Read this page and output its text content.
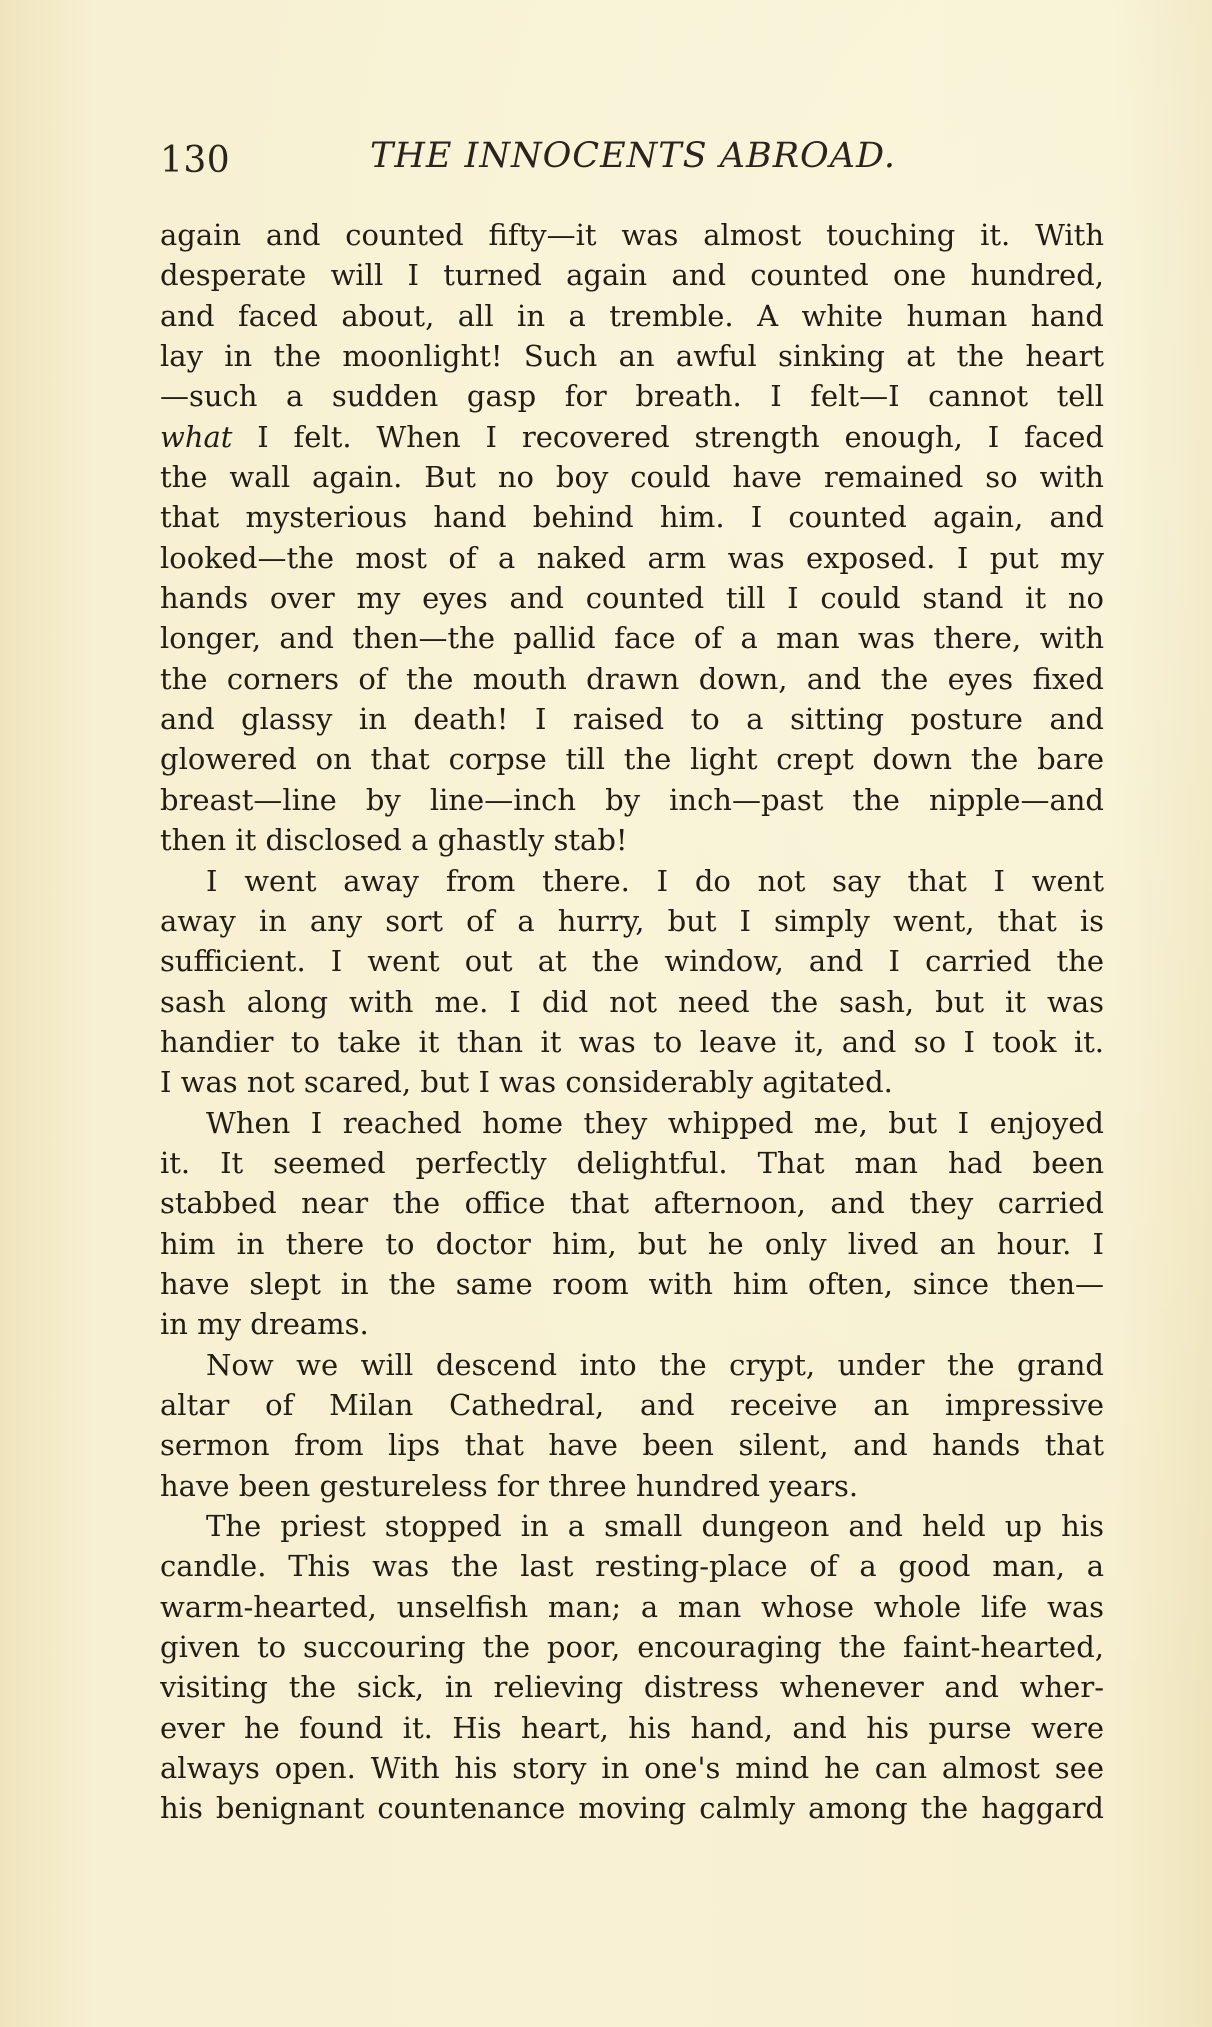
130	THE INNOCENTS ABROAD.
again and counted fifty—it was almost touching it. With
desperate will I turned again and counted one hundred,
and faced about, all in a tremble. A white human hand
lay in the moonlight! Such an awful sinking at the heart
—such a sudden gasp for breath. I felt—I cannot tell
what I felt. When I recovered strength enough, I faced
the wall again. But no boy could have remained so with
that mysterious hand behind him. I counted again, and
looked—the most of a naked arm was exposed. I put my
hands over my eyes and counted till I could stand it no
longer, and then—the pallid face of a man was there, with
the corners of the mouth drawn down, and the eyes fixed
and glassy in death! I raised to a sitting posture and
glowered on that corpse till the light crept down the bare
breast—line by line—inch by inch—past the nipple—and
then it disclosed a ghastly stab!
I went away from there. I do not say that I went
away in any sort of a hurry, but I simply went, that is
sufficient. I went out at the window, and I carried the
sash along with me. I did not need the sash, but it was
handier to take it than it was to leave it, and so I took it.
I was not scared, but I was considerably agitated.
When I reached home they whipped me, but I enjoyed
it. It seemed perfectly delightful. That man had been
stabbed near the office that afternoon, and they carried
him in there to doctor him, but he only lived an hour. I
have slept in the same room with him often, since then—
in my dreams.
Now we will descend into the crypt, under the grand
altar of Milan Cathedral, and receive an impressive
sermon from lips that have been silent, and hands that
have been gestureless for three hundred years.
The priest stopped in a small dungeon and held up his
candle. This was the last resting-place of a good man, a
warm-hearted, unselfish man; a man whose whole life was
given to succouring the poor, encouraging the faint-hearted,
visiting the sick, in relieving distress whenever and wher-
ever he found it. His heart, his hand, and his purse were
always open. With his story in one's mind he can almost see
his benignant countenance moving calmly among the haggard
